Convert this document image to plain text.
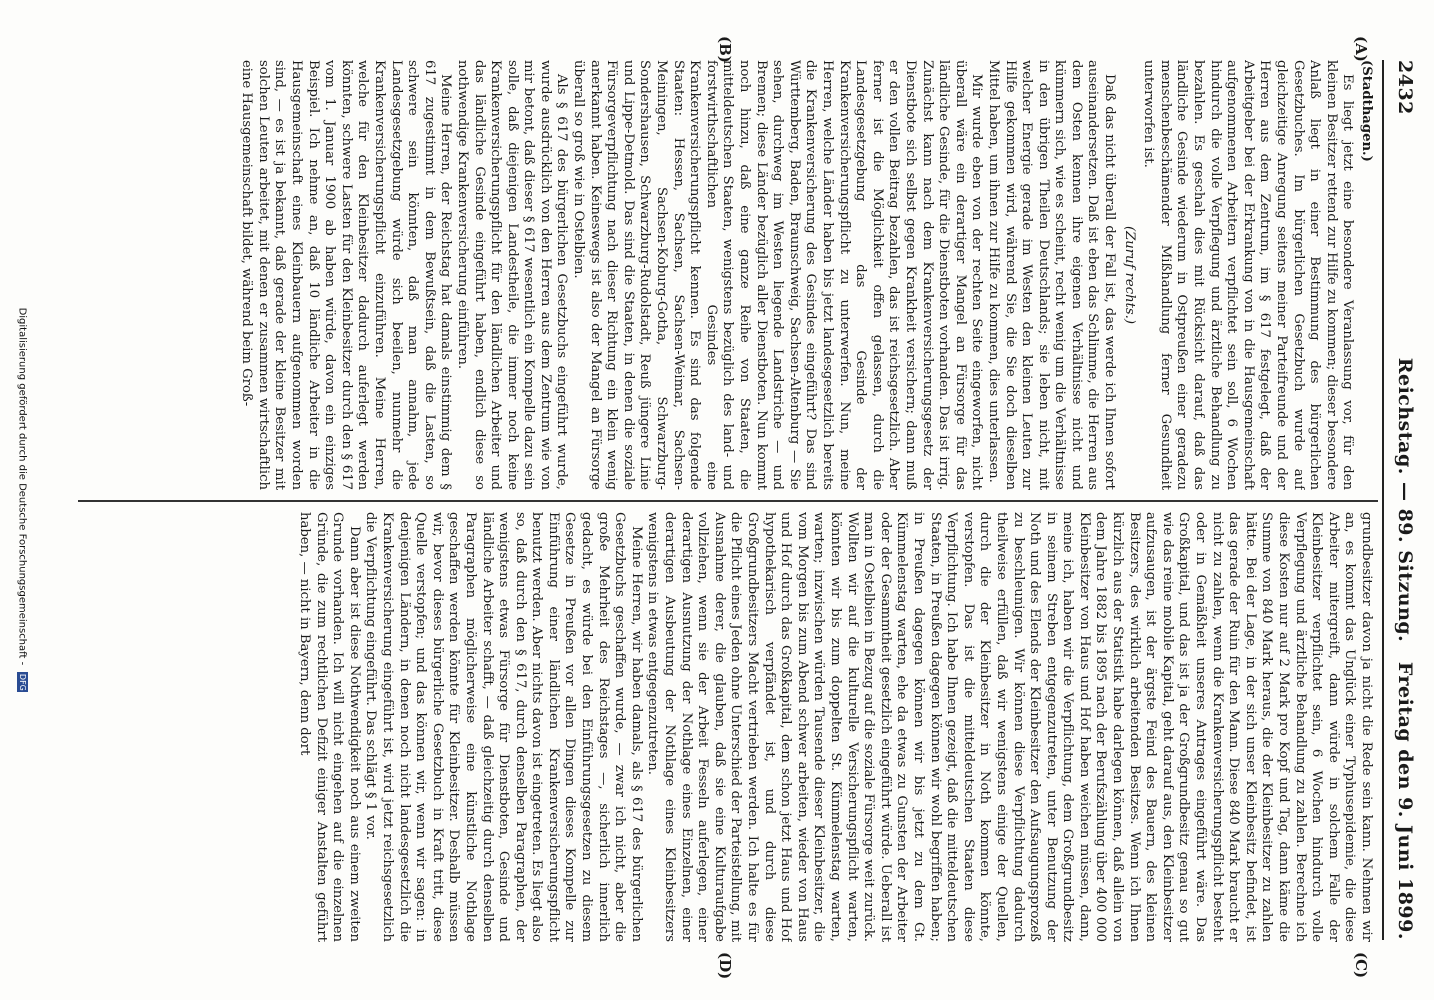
2432
Reichstag. — 89. Sitzung.
Freitag den 9. Juni 1899.
(A)
(B)
(C)
(D)

(Stadthagen.)

Es liegt jetzt eine besondere Veranlassung vor, für den kleinen Besitzer rettend zur Hilfe zu kommen; dieser besondere Anlaß liegt in einer Bestimmung des bürgerlichen Gesetzbuches. Im bürgerlichen Gesetzbuch wurde auf gleichzeitige Anregung seitens meiner Parteifreunde und der Herren aus dem Zentrum, im § 617 festgelegt, daß der Arbeitgeber bei der Erkrankung von in die Hausgemeinschaft aufgenommenen Arbeitern verpflichtet sein soll, 6 Wochen hindurch die volle Verpflegung und ärztliche Behandlung zu bezahlen. Es geschah dies mit Rücksicht darauf, daß das ländliche Gesinde wiederum in Ostpreußen einer geradezu menschenbeschämender Mißhandlung ferner Gesundheit unterworfen ist.

(Zuruf rechts.)

Daß das nicht überall der Fall ist, das werde ich Ihnen sofort auseinandersetzen. Daß ist eben das Schlimme, die Herren aus dem Osten kennen ihre eigenen Verhältnisse nicht und kümmern sich, wie es scheint, recht wenig um die Verhältnisse in den übrigen Theilen Deutschlands; sie leben nicht, mit welcher Energie gerade im Westen den kleinen Leuten zur Hilfe gekommen wird, während Sie, die Sie doch dieselben Mittel haben, um ihnen zur Hilfe zu kommen, dies unterlassen.

Mir wurde eben von der rechten Seite eingeworfen, nicht überall wäre ein derartiger Mangel an Fürsorge für das ländliche Gesinde, für die Dienstboten vorhanden. Das ist irrig. Zunächst kann nach dem Krankenversicherungsgesetz der Dienstbote sich selbst gegen Krankheit versichern; dann muß er den vollen Beitrag bezahlen, das ist reichsgesetzlich. Aber ferner ist die Möglichkeit offen gelassen, durch die Landesgesetzgebung das Gesinde der Krankenversicherungspflicht zu unterwerfen. Nun, meine Herren, welche Länder haben bis jetzt landesgesetzlich bereits die Krankenversicherung des Gesindes eingeführt? Das sind Württemberg, Baden, Braunschweig, Sachsen-Altenburg — Sie sehen, durchweg im Westen liegende Landstriche — und Bremen; diese Länder bezüglich aller Dienstboten. Nun kommt noch hinzu, daß eine ganze Reihe von Staaten, die mitteldeutschen Staaten, wenigstens bezüglich des land- und forstwirthschaftlichen Gesindes eine Krankenversicherungspflicht kennen. Es sind das folgende Staaten: Hessen, Sachsen, Sachsen-Weimar, Sachsen-Meiningen, Sachsen-Koburg-Gotha, Schwarzburg-Sondershausen, Schwarzburg-Rudolstadt, Reuß jüngere Linie und Lippe-Detmold. Das sind die Staaten, in denen die soziale Fürsorgeverpflichtung nach dieser Richtung ein klein wenig anerkannt haben. Keineswegs ist also der Mangel an Fürsorge überall so groß wie in Ostelbien.

Als § 617 des bürgerlichen Gesetzbuchs eingeführt wurde, wurde ausdrücklich von den Herren aus dem Zentrum wie von mir betont, daß dieser § 617 wesentlich ein Kompelle dazu sein solle, daß diejenigen Landestheile, die immer noch keine Krankenversicherungspflicht für den ländlichen Arbeiter und das ländliche Gesinde eingeführt haben, endlich diese so nothwendige Krankenversicherung einführen.

Meine Herren, der Reichstag hat damals einstimmig dem § 617 zugestimmt in dem Bewußtsein, daß die Lasten, so schwere sein könnten, daß man annahm, jede Landesgesetzgebung würde sich beeilen, nunmehr die Krankenversicherungspflicht einzuführen. Meine Herren, welche für den Kleinbesitzer dadurch auferlegt werden könnten, schwere Lasten für den Kleinbesitzer durch den § 617 vom 1. Januar 1900 ab haben würde, davon ein einziges Beispiel. Ich nehme an, daß 10 ländliche Arbeiter in die Hausgemeinschaft eines Kleinbauern aufgenommen worden sind, — es ist ja bekannt, daß gerade der kleine Besitzer mit solchen Leuten arbeitet, mit denen er zusammen wirtschaftlich eine Hausgemeinschaft bildet, während beim Groß-

grundbesitzer davon ja nicht die Rede sein kann. Nehmen wir an, es kommt das Unglück einer Typhusepidemie, die diese Arbeiter mitergreift, dann würde in solchem Falle der Kleinbesitzer verpflichtet sein, 6 Wochen hindurch volle Verpflegung und ärztliche Behandlung zu zahlen. Berechne ich diese Kosten nur auf 2 Mark pro Kopf und Tag, dann käme die Summe von 840 Mark heraus, die der Kleinbesitzer zu zahlen hätte. Bei der Lage, in der sich unser Kleinbesitz befindet, ist das gerade der Ruin für den Mann. Diese 840 Mark braucht er nicht zu zahlen, wenn die Krankenversicherungspflicht besteht oder in Gemäßheit unseres Antrages eingeführt wäre. Das Großkapital, und das ist ja der Großgrundbesitz genau so gut wie das reine mobile Kapital, geht darauf aus, den Kleinbesitzer aufzusaugen, ist der ärgste Feind des Bauern, des kleinen Besitzers, des wirklich arbeitenden Besitzes. Wenn ich Ihnen kürzlich aus der Statistik habe darlegen können, daß allein von dem Jahre 1882 bis 1895 nach der Berufszählung über 400 000 Kleinbesitzer von Haus und Hof haben weichen müssen, dann, meine ich, haben wir die Verpflichtung, dem Großgrundbesitz in seinem Streben entgegenzutreten, unter Benutzung der Noth und des Elends der Kleinbesitzer den Aufsaugungsprozeß zu beschleunigen. Wir können diese Verpflichtung dadurch theilweise erfüllen, daß wir wenigstens einige der Quellen, durch die der Kleinbesitzer in Noth kommen könnte, verstopfen. Das ist die mitteldeutschen Staaten diese Verpflichtung. Ich habe Ihnen gezeigt, daß die mitteldeutschen Staaten, in Preußen dagegen können wir wohl begriffen haben; in Preußen dagegen können wir bis jetzt zu dem Gt. Kümmelenstag warten, ehe da etwas zu Gunsten der Arbeiter oder der Gesammtheit gesetzlich eingeführt würde. Ueberall ist man in Ostelbien in Bezug auf die soziale Fürsorge weit zurück. Wollten wir auf die kulturelle Versicherungspflicht warten, könnten wir bis zum doppelten St. Kümmelenstag warten, warten; inzwischen würden Tausende dieser Kleinbesitzer, die vom Morgen bis zum Abend schwer arbeiten, wieder von Haus und Hof durch das Großkapital, dem schon jetzt Haus und Hof hypothekarisch verpfändet ist, und durch diese Großgrundbesitzers Macht vertrieben werden. Ich halte es für die Pflicht eines Jeden ohne Unterschied der Parteistellung, mit Ausnahme derer, die glauben, daß sie eine Kulturaufgabe vollziehen, wenn sie der Arbeit Fesseln auferlegen, einer derartigen Ausnutzung der Nothlage eines Einzelnen, einer derartigen Ausbeutung der Nothlage eines Kleinbesitzers wenigstens in etwas entgegenzutreten.

Meine Herren, wir haben damals, als § 617 des bürgerlichen Gesetzbuchs geschaffen wurde, — zwar ich nicht, aber die große Mehrheit des Reichstages —, sicherlich innerlich gedacht, es würde bei den Einführungsgesetzen zu diesem Gesetze in Preußen vor allen Dingen dieses Kompelle zur Einführung einer ländlichen Krankenversicherungspflicht benutzt werden. Aber nichts davon ist eingetreten. Es liegt also so, daß durch den § 617, durch denselben Paragraphen, der wenigstens etwas Fürsorge für Dienstboten, Gesinde und ländliche Arbeiter schafft, — daß gleichzeitig durch denselben Paragraphen möglicherweise eine künstliche Nothlage geschaffen werden könnte für Kleinbesitzer. Deshalb müssen wir, bevor dieses bürgerliche Gesetzbuch in Kraft tritt, diese Quelle verstopfen; und das können wir, wenn wir sagen: in denjenigen Ländern, in denen noch nicht landesgesetzlich die Krankenversicherung eingeführt ist, wird jetzt reichsgesetzlich die Verpflichtung eingeführt. Das schlägt § 1 vor.

Dann aber ist diese Nothwendigkeit noch aus einem zweiten Grunde vorhanden. Ich will nicht eingehen auf die einzelnen Gründe, die zum rechtlichen Defizit einiger Anstalten geführt haben, — nicht in Bayern, denn dort

Digitalisierung gefördert durch die Deutsche Forschungsgemeinschaft - DFG
